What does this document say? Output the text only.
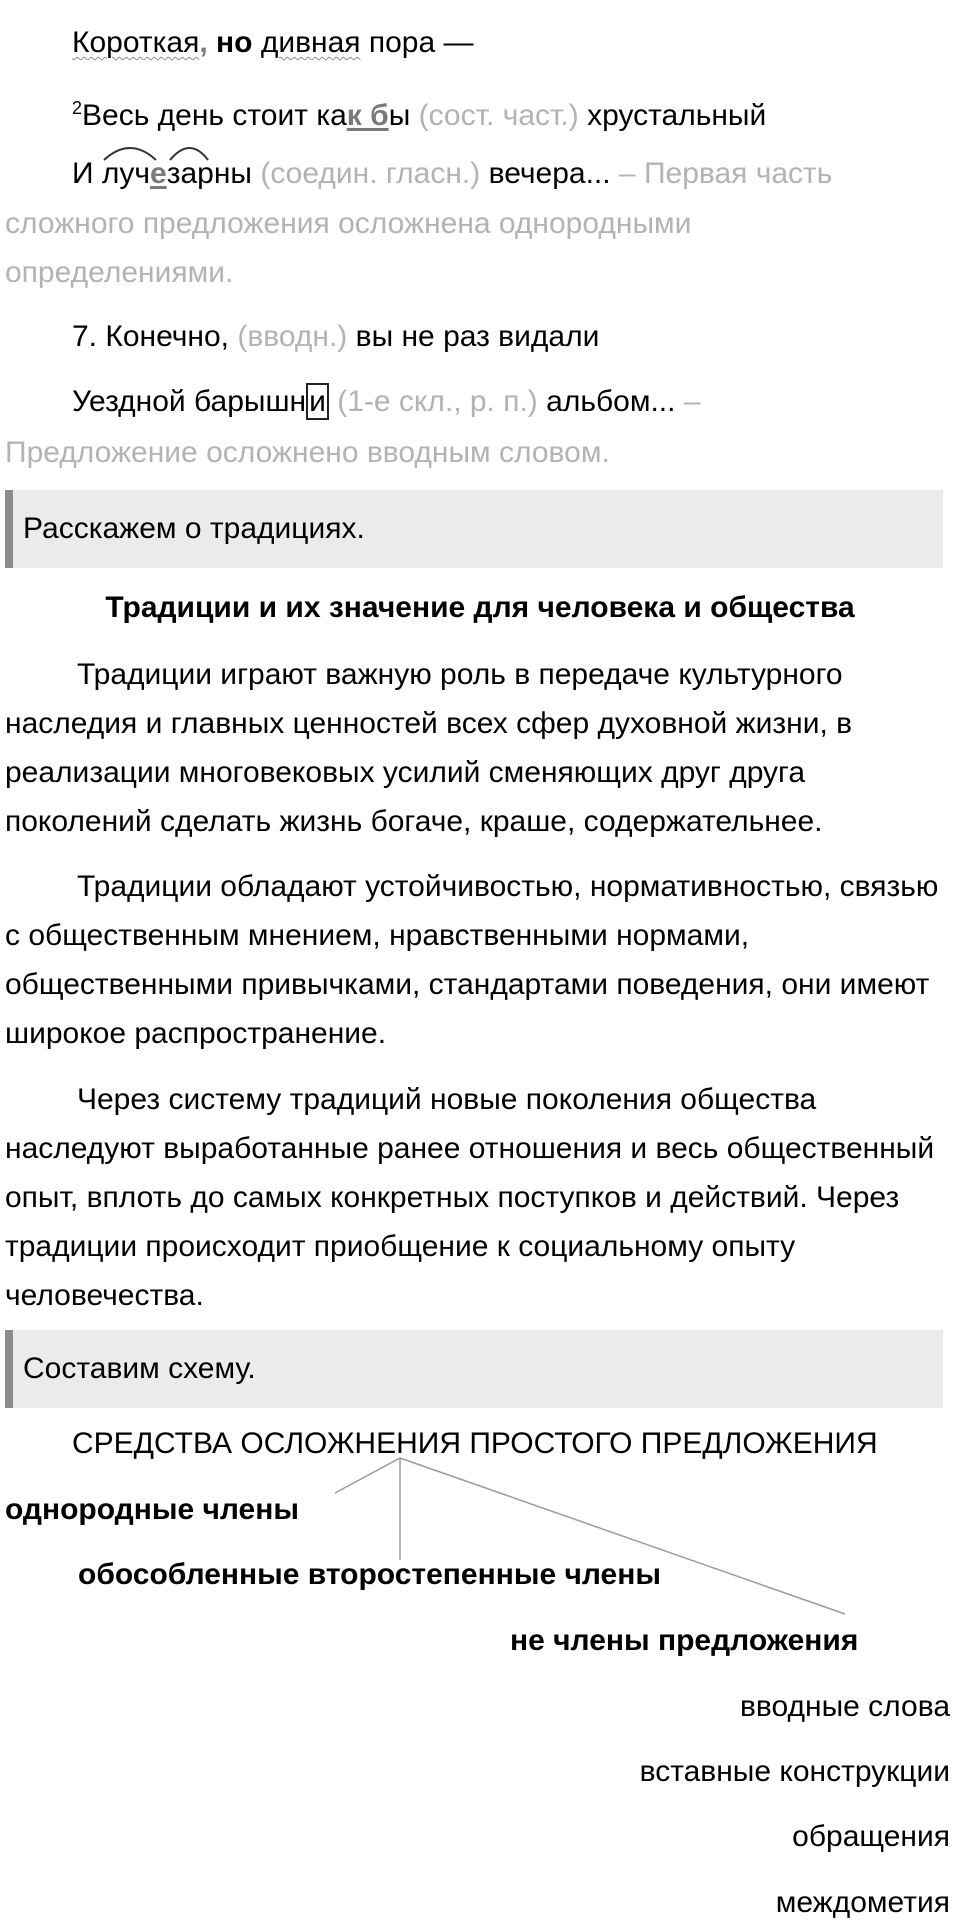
Короткая, но дивная пора —
$^2$Весь день стоит как бы (сост. част.) хрустальный
И лучезарны (соедин. гласн.) вечера... – Первая часть
сложного предложения осложнена однородными
определениями.
7. Конечно, (вводн.) вы не раз видали
Уездной барышн и (1-е скл., р. п.) альбом... –
Предложение осложнено вводным словом.
Расскажем о традициях.
Традиции и их значение для человека и общества

Традиции играют важную роль в передаче культурного наследия и главных ценностей всех сфер духовной жизни, в реализации многовековых усилий сменяющих друг друга поколений сделать жизнь богаче, краше, содержательнее.

Традиции обладают устойчивостью, нормативностью, связью с общественным мнением, нравственными нормами, общественными привычками, стандартами поведения, они имеют широкое распространение.

Через систему традиций новые поколения общества наследуют выработанные ранее отношения и весь общественный опыт, вплоть до самых конкретных поступков и действий. Через традиции происходит приобщение к социальному опыту человечества.

Составим схему.
СРЕДСТВА ОСЛОЖНЕНИЯ ПРОСТОГО ПРЕДЛОЖЕНИЯ
однородные члены
обособленные второстепенные члены
не члены предложения
вводные слова
вставные конструкции
обращения
междометия
